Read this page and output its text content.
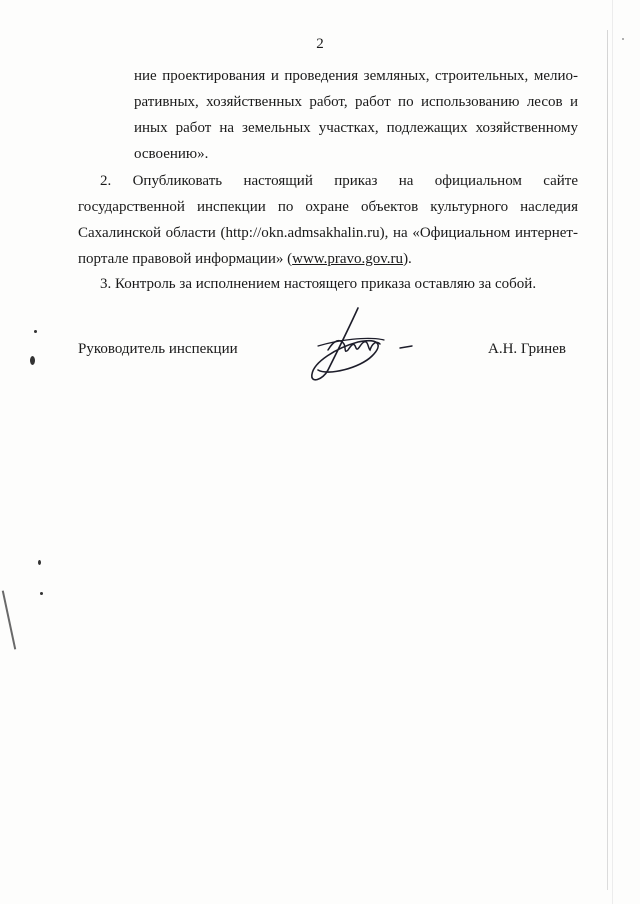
2
ние проектирования и проведения земляных, строительных, мелио-
ративных, хозяйственных работ, работ по использованию лесов и
иных работ на земельных участках, подлежащих хозяйственному
освоению».
2. Опубликовать настоящий приказ на официальном сайте
государственной инспекции по охране объектов культурного наследия
Сахалинской области (http://okn.admsakhalin.ru), на «Официальном интернет-
портале правовой информации» (www.pravo.gov.ru).
3. Контроль за исполнением настоящего приказа оставляю за собой.
Руководитель инспекции	А.Н. Гринев
